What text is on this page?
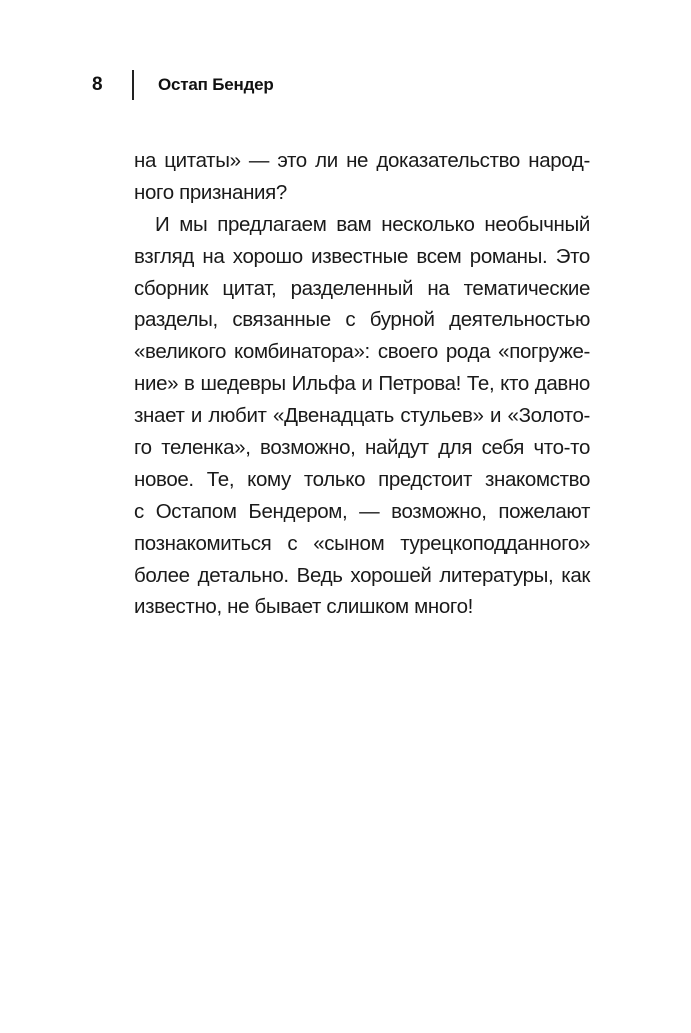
8	Остап Бендер
на цитаты» — это ли не доказательство народ-
ного признания?
И мы предлагаем вам несколько необычный
взгляд на хорошо известные всем романы. Это
сборник цитат, разделенный на тематические
разделы, связанные с бурной деятельностью
«великого комбинатора»: своего рода «погруже-
ние» в шедевры Ильфа и Петрова! Те, кто давно
знает и любит «Двенадцать стульев» и «Золото-
го теленка», возможно, найдут для себя что-то
новое. Те, кому только предстоит знакомство
с Остапом Бендером, — возможно, пожелают
познакомиться с «сыном турецкоподданного»
более детально. Ведь хорошей литературы, как
известно, не бывает слишком много!
